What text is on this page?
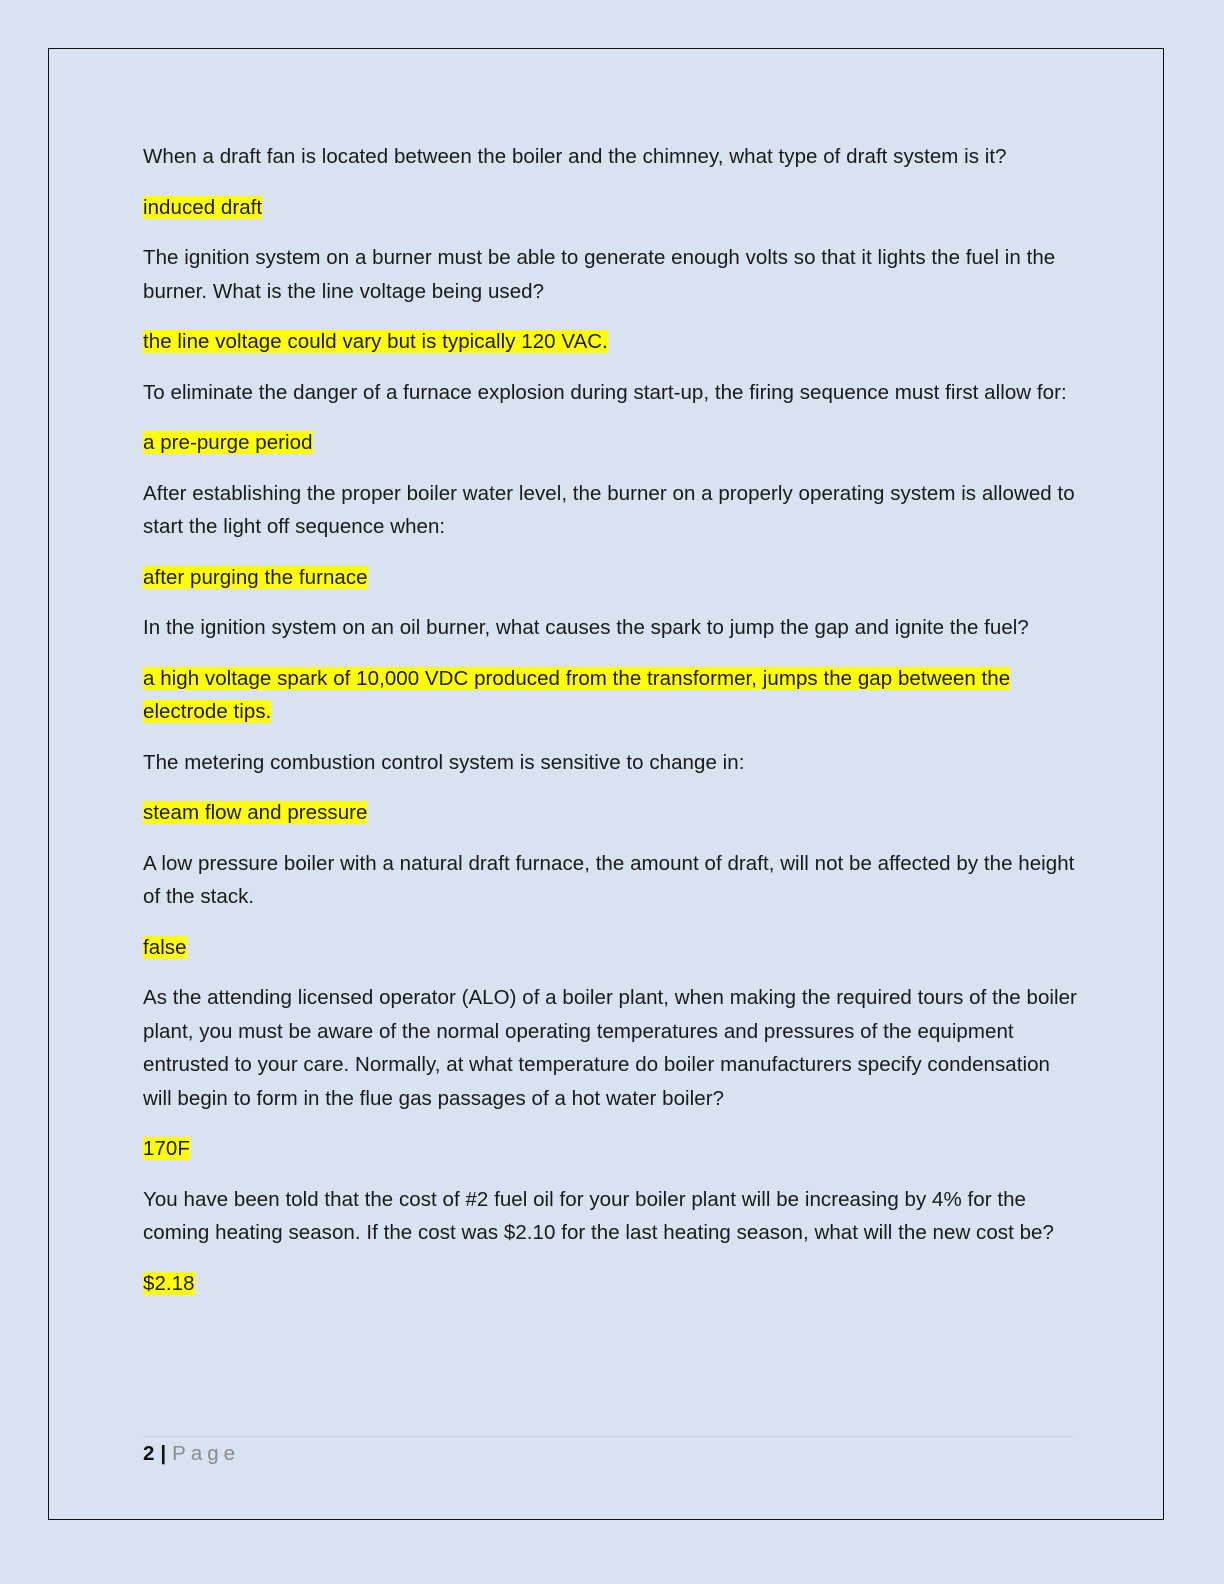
When a draft fan is located between the boiler and the chimney, what type of draft system is it?

induced draft

The ignition system on a burner must be able to generate enough volts so that it lights the fuel in the burner. What is the line voltage being used?

the line voltage could vary but is typically 120 VAC.

To eliminate the danger of a furnace explosion during start-up, the firing sequence must first allow for:

a pre-purge period

After establishing the proper boiler water level, the burner on a properly operating system is allowed to start the light off sequence when:

after purging the furnace

In the ignition system on an oil burner, what causes the spark to jump the gap and ignite the fuel?

a high voltage spark of 10,000 VDC produced from the transformer, jumps the gap between the electrode tips.

The metering combustion control system is sensitive to change in:

steam flow and pressure

A low pressure boiler with a natural draft furnace, the amount of draft, will not be affected by the height of the stack.

false

As the attending licensed operator (ALO) of a boiler plant, when making the required tours of the boiler plant, you must be aware of the normal operating temperatures and pressures of the equipment entrusted to your care. Normally, at what temperature do boiler manufacturers specify condensation will begin to form in the flue gas passages of a hot water boiler?

170F

You have been told that the cost of #2 fuel oil for your boiler plant will be increasing by 4% for the coming heating season. If the cost was $2.10 for the last heating season, what will the new cost be?

$2.18

2 | Page
